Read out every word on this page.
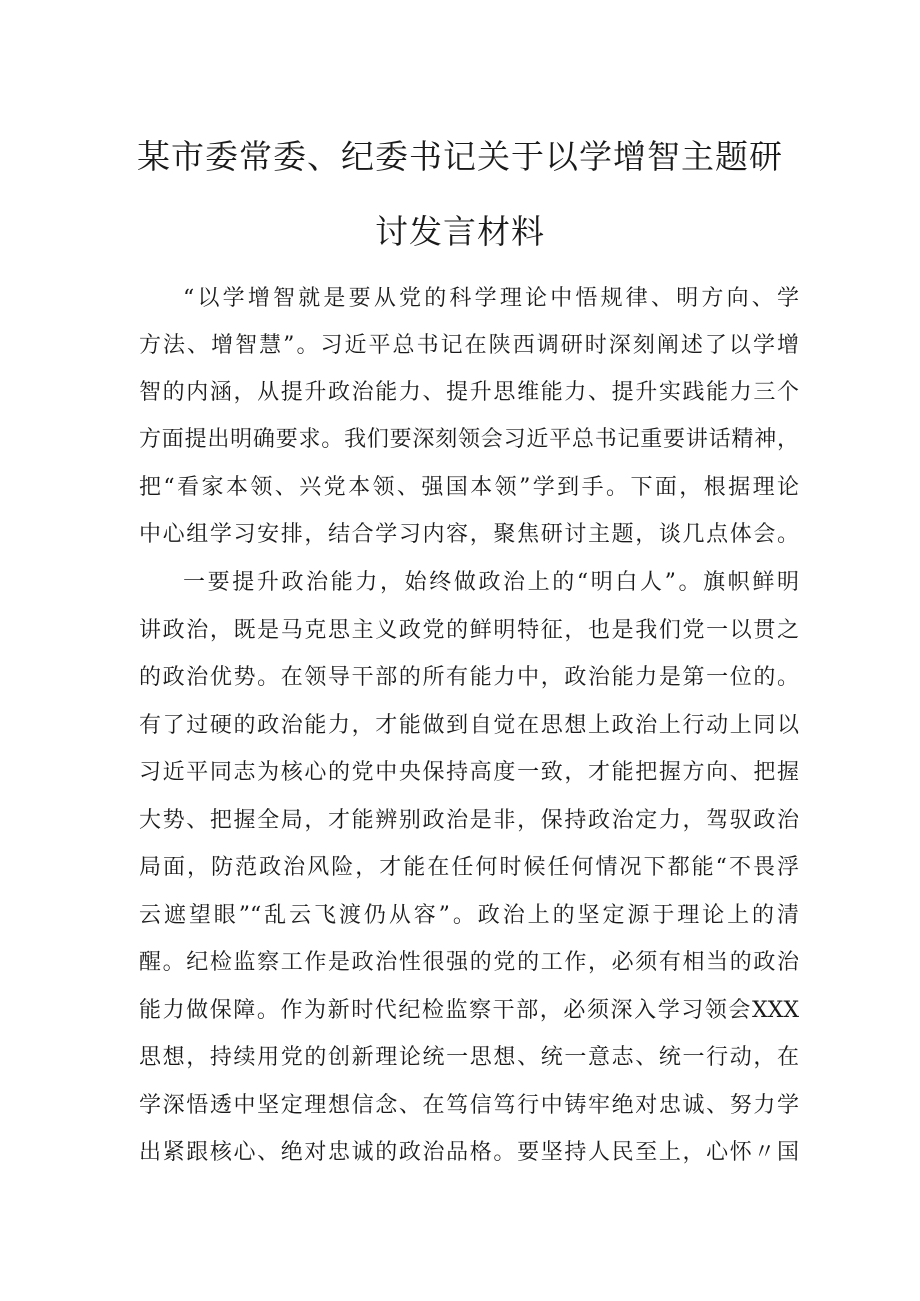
某市委常委、纪委书记关于以学增智主题研
讨发言材料
“以学增智就是要从党的科学理论中悟规律、明方向、学
方法、增智慧”。习近平总书记在陕西调研时深刻阐述了以学增
智的内涵，从提升政治能力、提升思维能力、提升实践能力三个
方面提出明确要求。我们要深刻领会习近平总书记重要讲话精神，
把“看家本领、兴党本领、强国本领”学到手。下面，根据理论
中心组学习安排，结合学习内容，聚焦研讨主题，谈几点体会。
一要提升政治能力，始终做政治上的“明白人”。旗帜鲜明
讲政治，既是马克思主义政党的鲜明特征，也是我们党一以贯之
的政治优势。在领导干部的所有能力中，政治能力是第一位的。
有了过硬的政治能力，才能做到自觉在思想上政治上行动上同以
习近平同志为核心的党中央保持高度一致，才能把握方向、把握
大势、把握全局，才能辨别政治是非，保持政治定力，驾驭政治
局面，防范政治风险，才能在任何时候任何情况下都能“不畏浮
云遮望眼”“乱云飞渡仍从容”。政治上的坚定源于理论上的清
醒。纪检监察工作是政治性很强的党的工作，必须有相当的政治
能力做保障。作为新时代纪检监察干部，必须深入学习领会XXX
思想，持续用党的创新理论统一思想、统一意志、统一行动，在
学深悟透中坚定理想信念、在笃信笃行中铸牢绝对忠诚、努力学
出紧跟核心、绝对忠诚的政治品格。要坚持人民至上，心怀〃国
